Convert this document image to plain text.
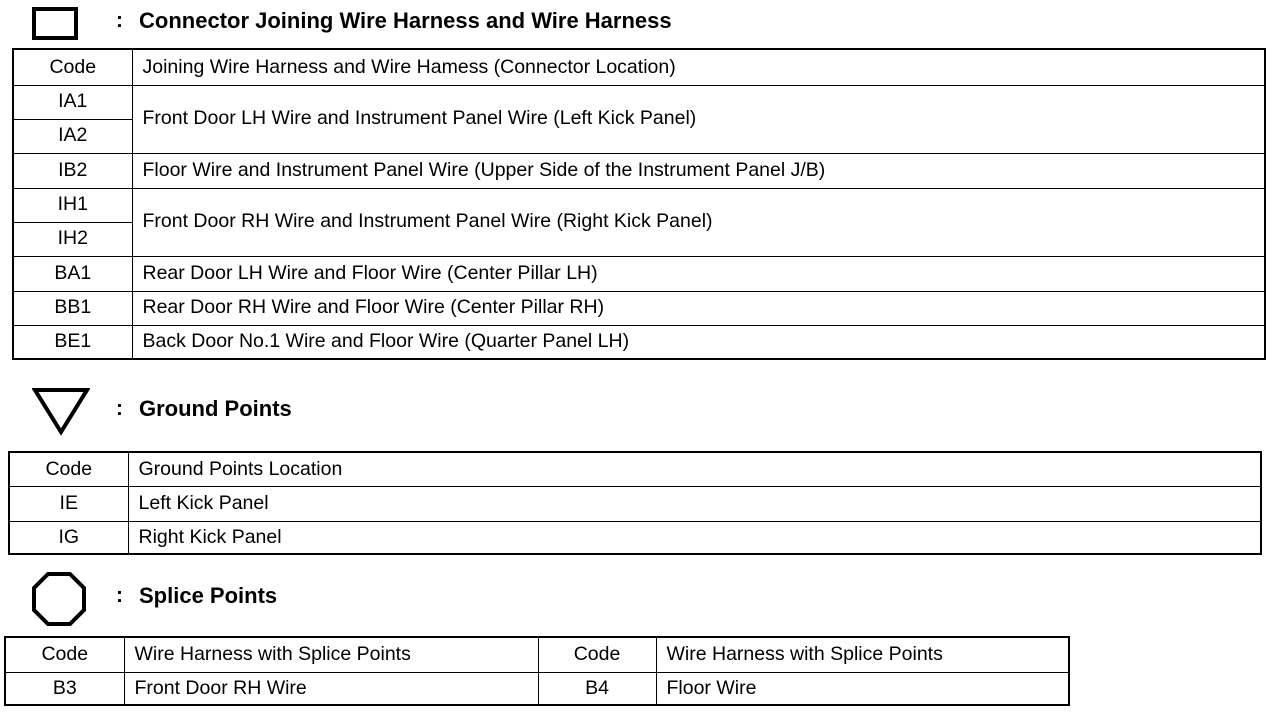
: Connector Joining Wire Harness and Wire Harness
Code	Joining Wire Harness and Wire Hamess (Connector Location)
IA1	Front Door LH Wire and Instrument Panel Wire (Left Kick Panel)
IA2	
IB2	Floor Wire and Instrument Panel Wire (Upper Side of the Instrument Panel J/B)
IH1	Front Door RH Wire and Instrument Panel Wire (Right Kick Panel)
IH2	
BA1	Rear Door LH Wire and Floor Wire (Center Pillar LH)
BB1	Rear Door RH Wire and Floor Wire (Center Pillar RH)
BE1	Back Door No.1 Wire and Floor Wire (Quarter Panel LH)
: Ground Points
Code	Ground Points Location
IE	Left Kick Panel
IG	Right Kick Panel
: Splice Points
Code	Wire Harness with Splice Points	Code	Wire Harness with Splice Points
B3	Front Door RH Wire	B4	Floor Wire
